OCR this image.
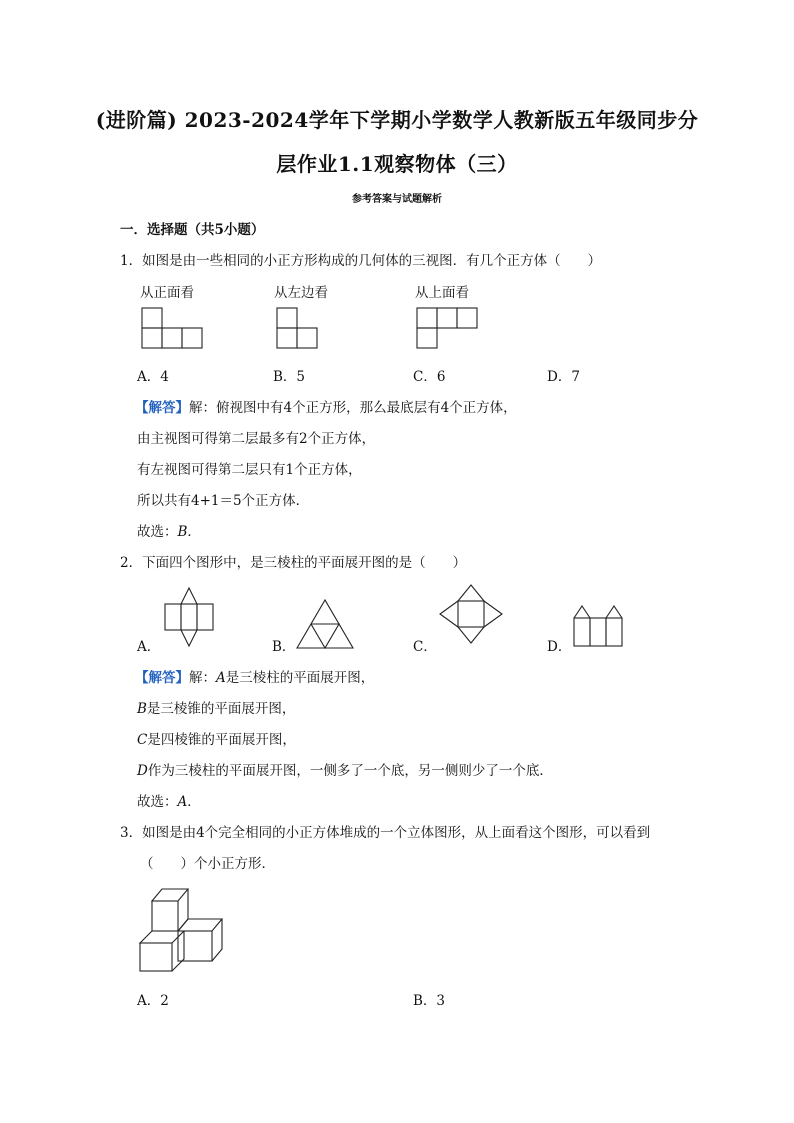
(进阶篇) 2023-2024学年下学期小学数学人教新版五年级同步分
层作业1.1观察物体（三）
参考答案与试题解析
一．选择题（共5小题）
1．如图是由一些相同的小正方形构成的几何体的三视图．有几个正方体（　　）
从正面看	从左边看	从上面看
A．4	B．5	C．6	D．7
【解答】解：俯视图中有4个正方形，那么最底层有4个正方体，
由主视图可得第二层最多有2个正方体，
有左视图可得第二层只有1个正方体，
所以共有4+1＝5个正方体．
故选：B．
2．下面四个图形中，是三棱柱的平面展开图的是（　　）
A．	B．	C．	D．
【解答】解：A是三棱柱的平面展开图，
B是三棱锥的平面展开图，
C是四棱锥的平面展开图，
D作为三棱柱的平面展开图，一侧多了一个底，另一侧则少了一个底．
故选：A．
3．如图是由4个完全相同的小正方体堆成的一个立体图形，从上面看这个图形，可以看到
（　　）个小正方形．
A．2	B．3
